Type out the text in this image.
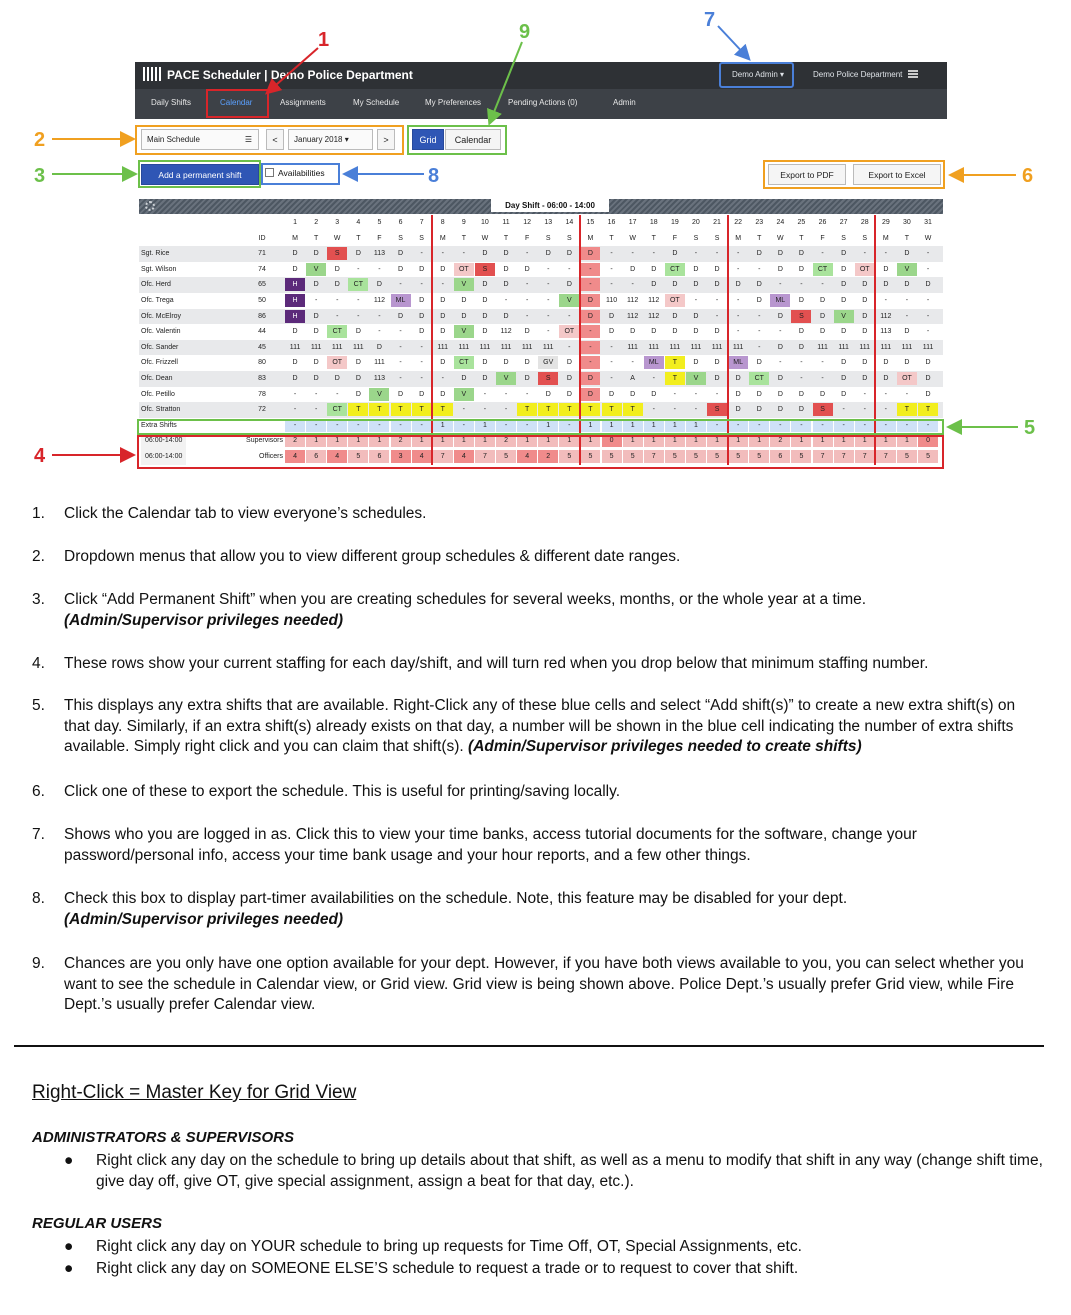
PACE Scheduler | Demo Police Department	Demo Admin ▾	Demo Police Department
Daily Shifts	Calendar	Assignments	My Schedule	My Preferences	Pending Actions (0)	Admin
Main Schedule	☰	<	January 2018 ▾	>	Grid	Calendar
Add a permanent shift	Availabilities	Export to PDF	Export to Excel
Day Shift - 06:00 - 14:00
1	2	3	4	5	6	7	8	9	10	11	12	13	14	15	16	17	18	19	20	21	22	23	24	25	26	27	28	29	30	31
ID	M	T	W	T	F	S	S	M	T	W	T	F	S	S	M	T	W	T	F	S	S	M	T	W	T	F	S	S	M	T	W
Sgt. Rice	71	D	D	S	D	113	D	-	-	-	D	D	-	D	D	D	-	-	-	D	-	-	-	D	D	D	-	D	-	-	D	-
Sgt. Wilson	74	D	V	D	-	-	D	D	D	OT	S	D	D	-	-	-	-	D	D	CT	D	D	-	-	D	D	CT	D	OT	D	V	-
Ofc. Herd	65	H	D	D	CT	D	-	-	-	V	D	D	-	-	D	-	-	-	D	D	D	D	D	D	-	-	-	D	D	D	D	D
Ofc. Trega	50	H	-	-	-	112	ML	D	D	D	D	-	-	-	V	D	110	112	112	OT	-	-	-	D	ML	D	D	D	D	-	-	-
Ofc. McElroy	86	H	D	-	-	-	D	D	D	D	D	D	-	-	-	D	D	112	112	D	D	-	-	-	D	S	D	V	D	112	-	-
Ofc. Valentin	44	D	D	CT	D	-	-	D	D	V	D	112	D	-	OT	-	D	D	D	D	D	D	-	-	-	D	D	D	D	113	D	-
Ofc. Sander	45	111	111	111	111	D	-	-	111	111	111	111	111	111	-	-	-	111	111	111	111	111	111	-	D	D	111	111	111	111	111	111
Ofc. Frizzell	80	D	D	OT	D	111	-	-	D	CT	D	D	D	GV	D	-	-	-	ML	T	D	D	ML	D	-	-	-	D	D	D	D	D
Ofc. Dean	83	D	D	D	D	113	-	-	-	D	D	V	D	S	D	D	-	A	-	T	V	D	D	CT	D	-	-	D	D	D	OT	D
Ofc. Petillo	78	-	-	-	D	V	D	D	D	V	-	-	-	D	D	D	D	D	D	-	-	-	D	D	D	D	D	D	-	-	-	D
Ofc. Stratton	72	-	-	CT	T	T	T	T	T	-	-	-	T	T	T	T	T	T	-	-	-	S	D	D	D	D	S	-	-	-	T	T
Extra Shifts	-	-	-	-	-	-	-	1	-	1	-	-	1	-	1	1	1	1	1	1	-	-	-	-	-	-	-	-	-	-	-
06:00-14:00	Supervisors	2	1	1	1	1	2	1	1	1	1	2	1	1	1	1	0	1	1	1	1	1	1	1	2	1	1	1	1	1	1	0
06:00-14:00	Officers	4	6	4	5	6	3	4	7	4	7	5	4	2	5	5	5	5	7	5	5	5	5	5	6	5	7	7	7	7	5	5
1
2
9
7
3	8	6
5
4
1. Click the Calendar tab to view everyone’s schedules.
2. Dropdown menus that allow you to view different group schedules & different date ranges.
3. Click “Add Permanent Shift” when you are creating schedules for several weeks, months, or the whole year at a time.
(Admin/Supervisor privileges needed)
4. These rows show your current staffing for each day/shift, and will turn red when you drop below that minimum staffing number.
5. This displays any extra shifts that are available. Right-Click any of these blue cells and select “Add shift(s)” to create a new extra shift(s) on that day. Similarly, if an extra shift(s) already exists on that day, a number will be shown in the blue cell indicating the number of extra shifts available. Simply right click and you can claim that shift(s). (Admin/Supervisor privileges needed to create shifts)
6. Click one of these to export the schedule. This is useful for printing/saving locally.
7. Shows who you are logged in as. Click this to view your time banks, access tutorial documents for the software, change your password/personal info, access your time bank usage and your hour reports, and a few other things.
8. Check this box to display part-timer availabilities on the schedule. Note, this feature may be disabled for your dept.
(Admin/Supervisor privileges needed)
9. Chances are you only have one option available for your dept. However, if you have both views available to you, you can select whether you want to see the schedule in Calendar view, or Grid view. Grid view is being shown above. Police Dept.’s usually prefer Grid view, while Fire Dept.’s usually prefer Calendar view.
Right-Click = Master Key for Grid View
ADMINISTRATORS & SUPERVISORS
● Right click any day on the schedule to bring up details about that shift, as well as a menu to modify that shift in any way (change shift time, give day off, give OT, give special assignment, assign a beat for that day, etc.).
REGULAR USERS
● Right click any day on YOUR schedule to bring up requests for Time Off, OT, Special Assignments, etc.
● Right click any day on SOMEONE ELSE’S schedule to request a trade or to request to cover that shift.
